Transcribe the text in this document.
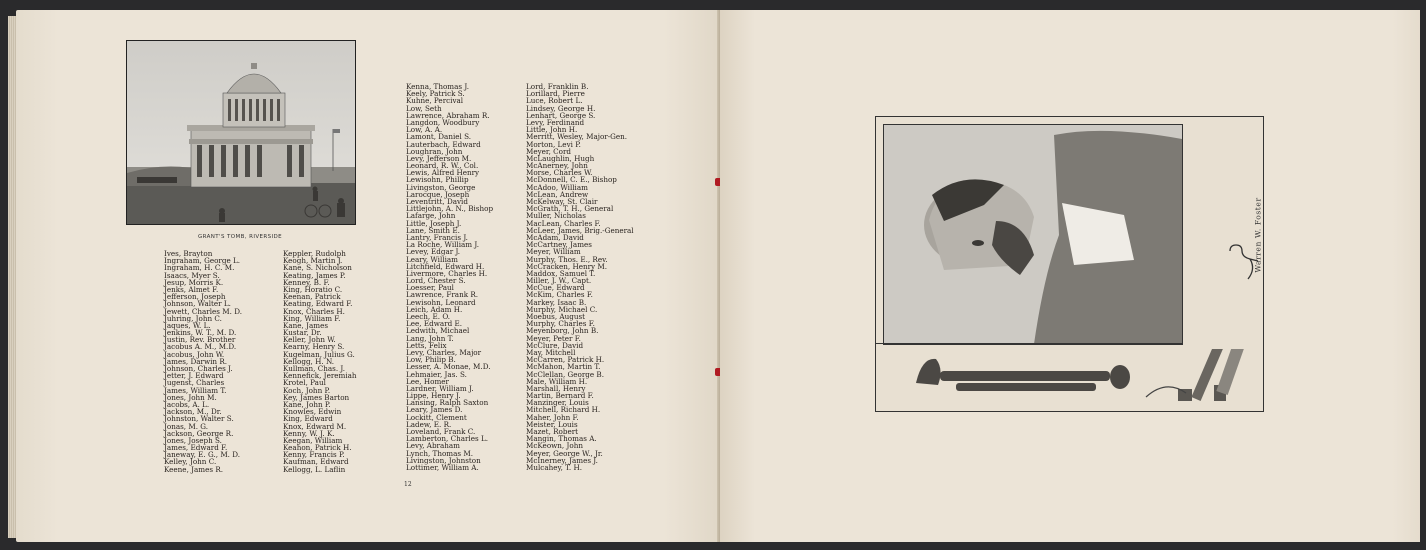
GRANT'S TOMB, RIVERSIDE
Ives, Brayton
Ingraham, George L.
Ingraham, H. C. M.
Isaacs, Myer S.
Jesup, Morris K.
Jenks, Almet F.
Jefferson, Joseph
Johnson, Walter L.
Jewett, Charles M. D.
Juhring, John C.
Jaques, W. L.
Jenkins, W. T., M. D.
Justin, Rev. Brother
Jacobus A. M., M.D.
Jacobus, John W.
James, Darwin R.
Johnson, Charles J.
Jetter, J. Edward
Jugenst, Charles
James, William T.
Jones, John M.
Jacobs, A. L.
Jackson, M., Dr.
Johnston, Walter S.
Jonas, M. G.
Jackson, George R.
Jones, Joseph S.
James, Edward F.
Janeway, E. G., M. D.
Kelley, John C.
Keene, James R.
Keppler, Rudolph
Keogh, Martin J.
Kane, S. Nicholson
Keating, James P.
Kenney, B. F.
King, Horatio C.
Keenan, Patrick
Keating, Edward F.
Knox, Charles H.
King, William F.
Kane, James
Kustar, Dr.
Keller, John W.
Kearny, Henry S.
Kugelman, Julius G.
Kellogg, H. N.
Kullman, Chas. J.
Kennefick, Jeremiah
Krotel, Paul
Koch, John P.
Key, James Barton
Kane, John P.
Knowles, Edwin
King, Edward
Knox, Edward M.
Kenny, W. J. K.
Keegan, William
Keahon, Patrick H.
Kenny, Francis P.
Kaufman, Edward
Kellogg, L. Laflin
Kenna, Thomas J.
Keely, Patrick S.
Kuhne, Percival
Low, Seth
Lawrence, Abraham R.
Langdon, Woodbury
Low, A. A.
Lamont, Daniel S.
Lauterbach, Edward
Loughran, John
Levy, Jefferson M.
Leonard, R. W., Col.
Lewis, Alfred Henry
Lewisohn, Phillip
Livingston, George
Larocque, Joseph
Leventritt, David
Littlejohn, A. N., Bishop
Lafarge, John
Little, Joseph J.
Lane, Smith E.
Lantry, Francis J.
La Roche, William J.
Levey, Edgar J.
Leary, William
Litchfield, Edward H.
Livermore, Charles H.
Lord, Chester S.
Loesser, Paul
Lawrence, Frank R.
Lewisohn, Leonard
Leich, Adam H.
Leech, E. O.
Lee, Edward E.
Ledwith, Michael
Lang, John T.
Letts, Felix
Levy, Charles, Major
Low, Philip B.
Lesser, A. Monae, M.D.
Lehmaier, Jas. S.
Lee, Homer
Lardner, William J.
Lippe, Henry J.
Lansing, Ralph Saxton
Leary, James D.
Lockitt, Clement
Ladew, E. R.
Loveland, Frank C.
Lamberton, Charles L.
Levy, Abraham
Lynch, Thomas M.
Livingston, Johnston
Lottimer, William A.
Lord, Franklin B.
Lorillard, Pierre
Luce, Robert L.
Lindsey, George H.
Lenhart, George S.
Levy, Ferdinand
Little, John H.
Merritt, Wesley, Major-Gen.
Morton, Levi P.
Meyer, Cord
McLaughlin, Hugh
McAnerney, John
Morse, Charles W.
McDonnell, C. E., Bishop
McAdoo, William
McLean, Andrew
McKelway, St. Clair
McGrath, T. H., General
Muller, Nicholas
MacLean, Charles F.
McLeer, James, Brig.-General
McAdam, David
McCartney, James
Meyer, William
Murphy, Thos. E., Rev.
McCracken, Henry M.
Maddox, Samuel T.
Miller, J. W., Capt.
McCue, Edward
McKim, Charles F.
Markey, Isaac B.
Murphy, Michael C.
Moebus, August
Murphy, Charles F.
Meyenborg, John B.
Meyer, Peter F.
McClure, David
May, Mitchell
McCarren, Patrick H.
McMahon, Martin T.
McClellan, George B.
Male, William H.
Marshall, Henry
Martin, Bernard F.
Manzinger, Louis
Mitchell, Richard H.
Maher, John F.
Meister, Louis
Mazet, Robert
Mangin, Thomas A.
McKeown, John
Meyer, George W., Jr.
McInerney, James J.
Mulcahey, T. H.
12
Warren W. Foster
